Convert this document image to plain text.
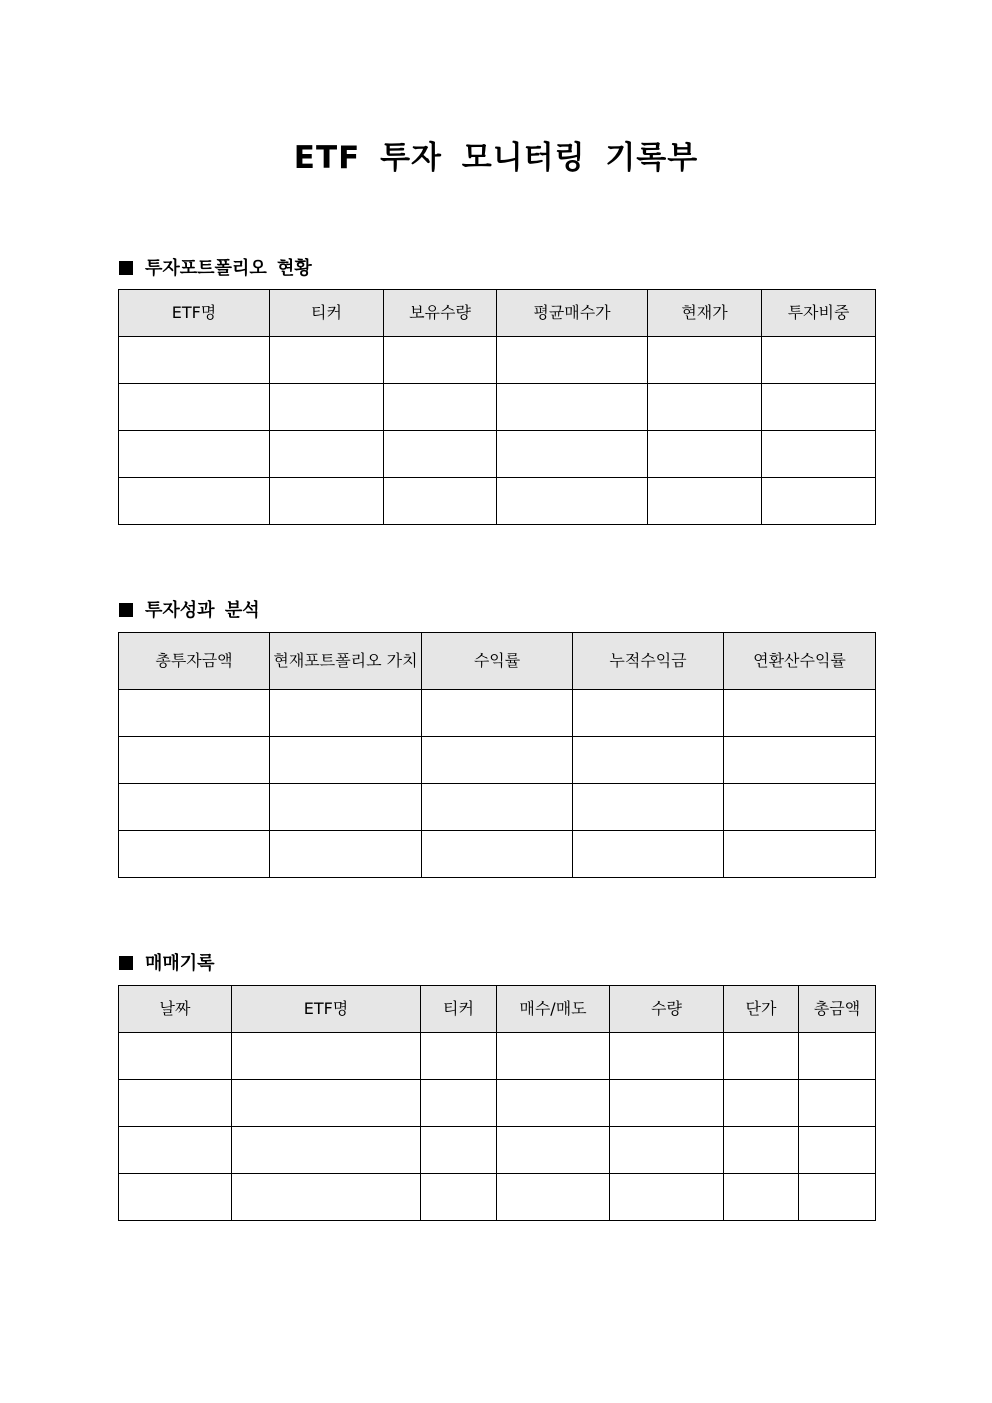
ETF 투자 모니터링 기록부
투자포트폴리오 현황
ETF명	티커	보유수량	평균매수가	현재가	투자비중

투자성과 분석
총투자금액	현재포트폴리오 가치	수익률	누적수익금	연환산수익률

매매기록
날짜	ETF명	티커	매수/매도	수량	단가	총금액
